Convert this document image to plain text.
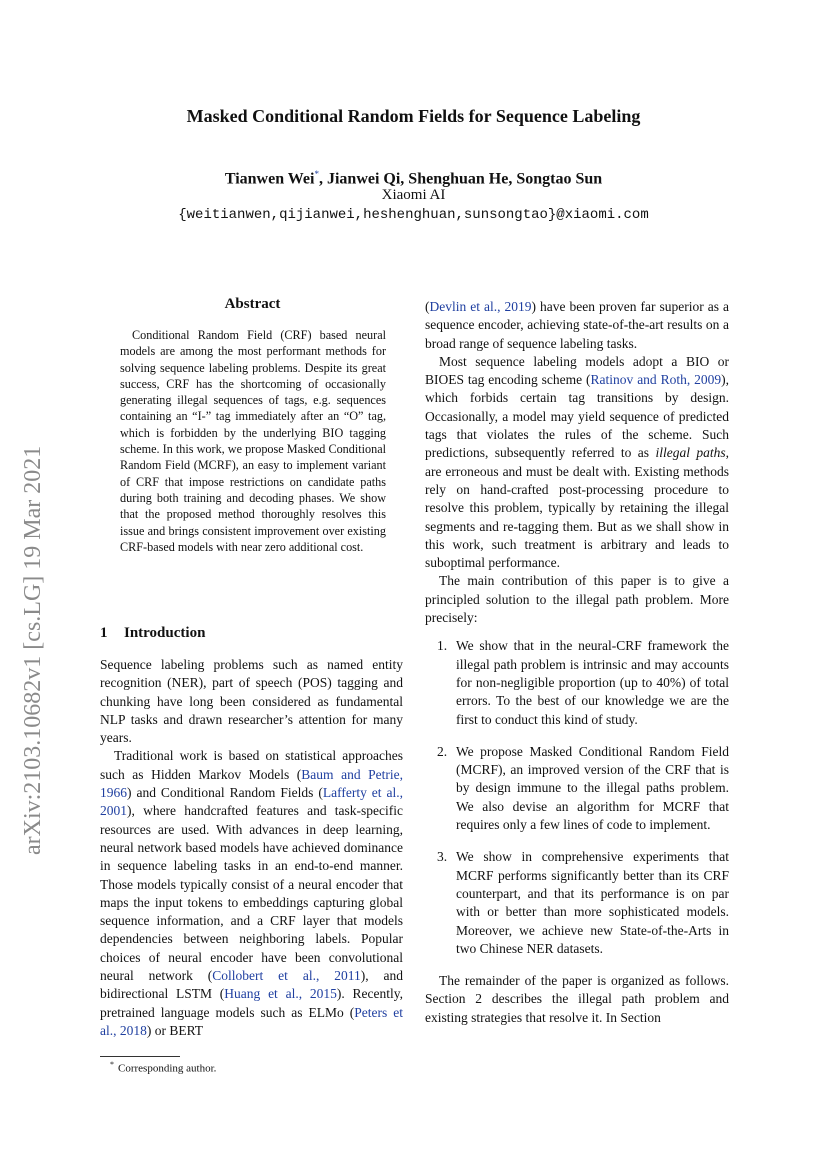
Masked Conditional Random Fields for Sequence Labeling
Tianwen Wei*, Jianwei Qi, Shenghuan He, Songtao Sun
Xiaomi AI
{weitianwen,qijianwei,heshenghuan,sunsongtao}@xiaomi.com
arXiv:2103.10682v1 [cs.LG] 19 Mar 2021
Abstract

Conditional Random Field (CRF) based neural models are among the most performant methods for solving sequence labeling problems. Despite its great success, CRF has the shortcoming of occasionally generating illegal sequences of tags, e.g. sequences containing an “I-” tag immediately after an “O” tag, which is forbidden by the underlying BIO tagging scheme. In this work, we propose Masked Conditional Random Field (MCRF), an easy to implement variant of CRF that impose restrictions on candidate paths during both training and decoding phases. We show that the proposed method thoroughly resolves this issue and brings consistent improvement over existing CRF-based models with near zero additional cost.

1 Introduction

Sequence labeling problems such as named entity recognition (NER), part of speech (POS) tagging and chunking have long been considered as fundamental NLP tasks and drawn researcher’s attention for many years.

Traditional work is based on statistical approaches such as Hidden Markov Models (Baum and Petrie, 1966) and Conditional Random Fields (Lafferty et al., 2001), where handcrafted features and task-specific resources are used. With advances in deep learning, neural network based models have achieved dominance in sequence labeling tasks in an end-to-end manner. Those models typically consist of a neural encoder that maps the input tokens to embeddings capturing global sequence information, and a CRF layer that models dependencies between neighboring labels. Popular choices of neural encoder have been convolutional neural network (Collobert et al., 2011), and bidirectional LSTM (Huang et al., 2015). Recently, pretrained language models such as ELMo (Peters et al., 2018) or BERT

(Devlin et al., 2019) have been proven far superior as a sequence encoder, achieving state-of-the-art results on a broad range of sequence labeling tasks.

Most sequence labeling models adopt a BIO or BIOES tag encoding scheme (Ratinov and Roth, 2009), which forbids certain tag transitions by design. Occasionally, a model may yield sequence of predicted tags that violates the rules of the scheme. Such predictions, subsequently referred to as illegal paths, are erroneous and must be dealt with. Existing methods rely on hand-crafted post-processing procedure to resolve this problem, typically by retaining the illegal segments and re-tagging them. But as we shall show in this work, such treatment is arbitrary and leads to suboptimal performance.

The main contribution of this paper is to give a principled solution to the illegal path problem. More precisely:

1. We show that in the neural-CRF framework the illegal path problem is intrinsic and may accounts for non-negligible proportion (up to 40%) of total errors. To the best of our knowledge we are the first to conduct this kind of study.
2. We propose Masked Conditional Random Field (MCRF), an improved version of the CRF that is by design immune to the illegal paths problem. We also devise an algorithm for MCRF that requires only a few lines of code to implement.
3. We show in comprehensive experiments that MCRF performs significantly better than its CRF counterpart, and that its performance is on par with or better than more sophisticated models. Moreover, we achieve new State-of-the-Arts in two Chinese NER datasets.

The remainder of the paper is organized as follows. Section 2 describes the illegal path problem and existing strategies that resolve it. In Section

* Corresponding author.
